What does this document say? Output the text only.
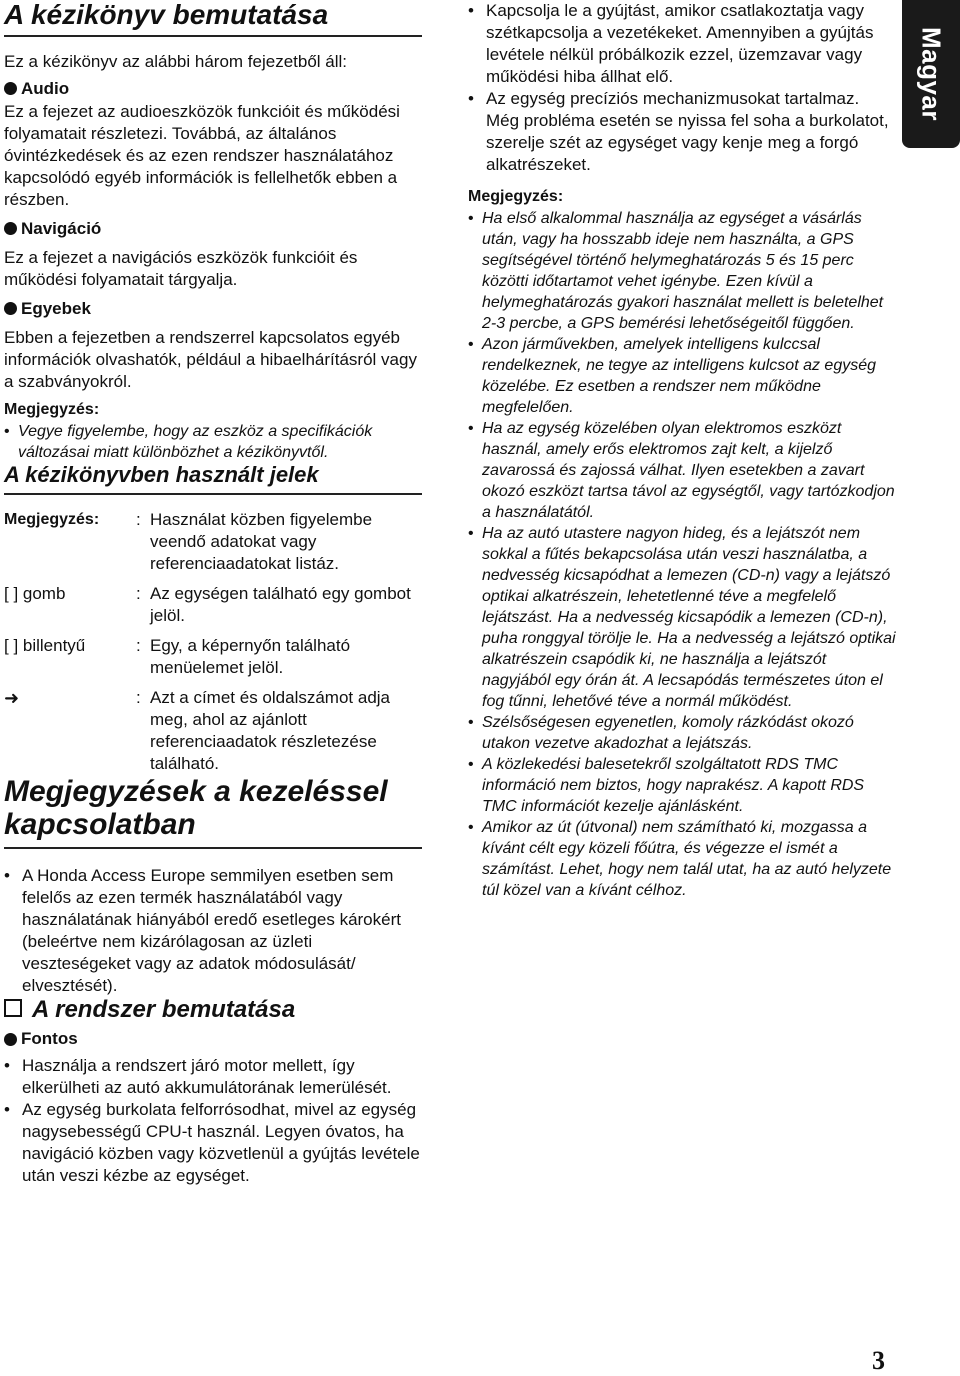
A kézikönyv bemutatása

Ez a kézikönyv az alábbi három fejezetből áll:

Audio

Ez a fejezet az audioeszközök funkcióit és működési folyamatait részletezi. Továbbá, az általános óvintézkedések és az ezen rendszer használatához kapcsolódó egyéb információk is fellelhetők ebben a részben.

Navigáció

Ez a fejezet a navigációs eszközök funkcióit és működési folyamatait tárgyalja.

Egyebek

Ebben a fejezetben a rendszerrel kapcsolatos egyéb információk olvashatók, például a hibaelhárításról vagy a szabványokról.

Megjegyzés:
• Vegye figyelembe, hogy az eszköz a specifikációk változásai miatt különbözhet a kézikönyvtől.
A kézikönyvben használt jelek
Megjegyzés:	: Használat közben figyelembe veendő adatokat vagy referenciaadatokat listáz.
[ ] gomb	: Az egységen található egy gombot jelöl.
[ ] billentyű	: Egy, a képernyőn található menüelemet jelöl.
➜	: Azt a címet és oldalszámot adja meg, ahol az ajánlott referenciaadatok részletezése található.
Megjegyzések a kezeléssel kapcsolatban
• A Honda Access Europe semmilyen esetben sem felelős az ezen termék használatából vagy használatának hiányából eredő esetleges károkért (beleértve nem kizárólagosan az üzleti veszteségeket vagy az adatok módosulását/ elvesztését).
A rendszer bemutatása
Fontos
• Használja a rendszert járó motor mellett, így elkerülheti az autó akkumulátorának lemerülését.
• Az egység burkolata felforrósodhat, mivel az egység nagysebességű CPU-t használ. Legyen óvatos, ha navigáció közben vagy közvetlenül a gyújtás levétele után veszi kézbe az egységet.
• Kapcsolja le a gyújtást, amikor csatlakoztatja vagy szétkapcsolja a vezetékeket. Amennyiben a gyújtás levétele nélkül próbálkozik ezzel, üzemzavar vagy működési hiba állhat elő.
• Az egység precíziós mechanizmusokat tartalmaz. Még probléma esetén se nyissa fel soha a burkolatot, szerelje szét az egységet vagy kenje meg a forgó alkatrészeket.
Megjegyzés:
• Ha első alkalommal használja az egységet a vásárlás után, vagy ha hosszabb ideje nem használta, a GPS segítségével történő helymeghatározás 5 és 15 perc közötti időtartamot vehet igénybe. Ezen kívül a helymeghatározás gyakori használat mellett is beletelhet 2-3 percbe, a GPS bemérési lehetőségeitől függően.
• Azon járművekben, amelyek intelligens kulccsal rendelkeznek, ne tegye az intelligens kulcsot az egység közelébe. Ez esetben a rendszer nem működne megfelelően.
• Ha az egység közelében olyan elektromos eszközt használ, amely erős elektromos zajt kelt, a kijelző zavarossá és zajossá válhat. Ilyen esetekben a zavart okozó eszközt tartsa távol az egységtől, vagy tartózkodjon a használatától.
• Ha az autó utastere nagyon hideg, és a lejátszót nem sokkal a fűtés bekapcsolása után veszi használatba, a nedvesség kicsapódhat a lemezen (CD-n) vagy a lejátszó optikai alkatrészein, lehetetlenné téve a megfelelő lejátszást. Ha a nedvesség kicsapódik a lemezen (CD-n), puha ronggyal törölje le. Ha a nedvesség a lejátszó optikai alkatrészein csapódik ki, ne használja a lejátszót nagyjából egy órán át. A lecsapódás természetes úton el fog tűnni, lehetővé téve a normál működést.
• Szélsőségesen egyenetlen, komoly rázkódást okozó utakon vezetve akadozhat a lejátszás.
• A közlekedési balesetekről szolgáltatott RDS TMC információ nem biztos, hogy naprakész. A kapott RDS TMC információt kezelje ajánlásként.
• Amikor az út (útvonal) nem számítható ki, mozgassa a kívánt célt egy közeli főútra, és végezze el ismét a számítást. Lehet, hogy nem talál utat, ha az autó helyzete túl közel van a kívánt célhoz.
Magyar
3
